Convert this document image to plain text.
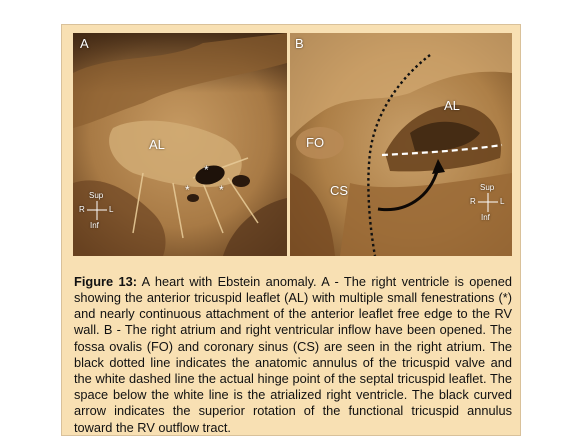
A
AL
*
* *
Sup
R	L
Inf
B
FO
CS
AL
Sup
R	L
Inf

Figure 13: A heart with Ebstein anomaly. A - The right ventricle is opened showing the anterior tricuspid leaflet (AL) with multiple small fenestrations (*) and nearly continuous attachment of the anterior leaflet free edge to the RV wall. B - The right atrium and right ventricular inflow have been opened. The fossa ovalis (FO) and coronary sinus (CS) are seen in the right atrium. The black dotted line indicates the anatomic annulus of the tricuspid valve and the white dashed line the actual hinge point of the septal tricuspid leaflet. The space below the white line is the atrialized right ventricle. The black curved arrow indicates the superior rotation of the functional tricuspid annulus toward the RV outflow tract.
